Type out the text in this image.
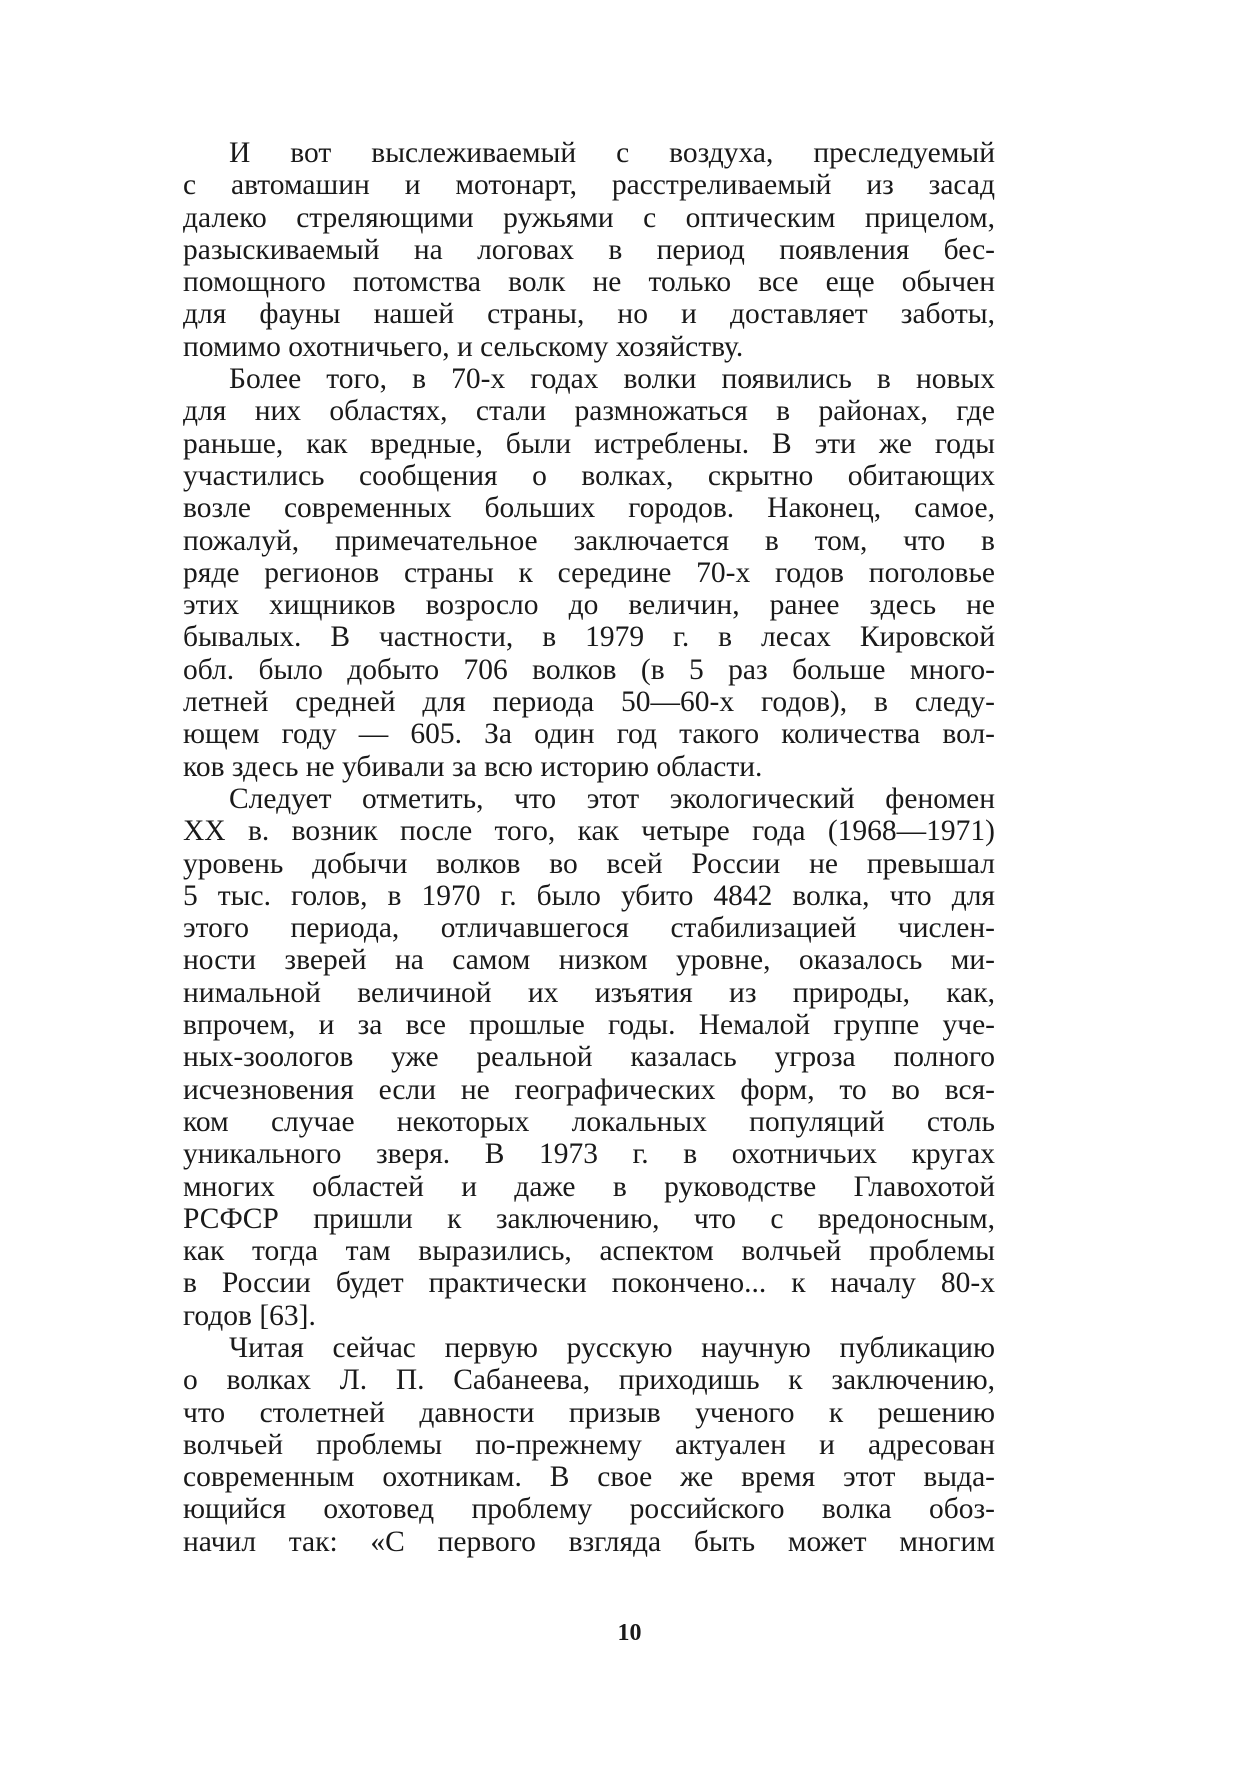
И вот выслеживаемый с воздуха, преследуемый
с автомашин и мотонарт, расстреливаемый из засад
далеко стреляющими ружьями с оптическим прицелом,
разыскиваемый на логовах в период появления бес-
помощного потомства волк не только все еще обычен
для фауны нашей страны, но и доставляет заботы,
помимо охотничьего, и сельскому хозяйству.
Более того, в 70-х годах волки появились в новых
для них областях, стали размножаться в районах, где
раньше, как вредные, были истреблены. В эти же годы
участились сообщения о волках, скрытно обитающих
возле современных больших городов. Наконец, самое,
пожалуй, примечательное заключается в том, что в
ряде регионов страны к середине 70-х годов поголовье
этих хищников возросло до величин, ранее здесь не
бывалых. В частности, в 1979 г. в лесах Кировской
обл. было добыто 706 волков (в 5 раз больше много-
летней средней для периода 50—60-х годов), в следу-
ющем году — 605. За один год такого количества вол-
ков здесь не убивали за всю историю области.
Следует отметить, что этот экологический феномен
XX в. возник после того, как четыре года (1968—1971)
уровень добычи волков во всей России не превышал
5 тыс. голов, в 1970 г. было убито 4842 волка, что для
этого периода, отличавшегося стабилизацией числен-
ности зверей на самом низком уровне, оказалось ми-
нимальной величиной их изъятия из природы, как,
впрочем, и за все прошлые годы. Немалой группе уче-
ных-зоологов уже реальной казалась угроза полного
исчезновения если не географических форм, то во вся-
ком случае некоторых локальных популяций столь
уникального зверя. В 1973 г. в охотничьих кругах
многих областей и даже в руководстве Главохотой
РСФСР пришли к заключению, что с вредоносным,
как тогда там выразились, аспектом волчьей проблемы
в России будет практически покончено... к началу 80-х
годов [63].
Читая сейчас первую русскую научную публикацию
о волках Л. П. Сабанеева, приходишь к заключению,
что столетней давности призыв ученого к решению
волчьей проблемы по-прежнему актуален и адресован
современным охотникам. В свое же время этот выда-
ющийся охотовед проблему российского волка обоз-
начил так: «С первого взгляда быть может многим
10
